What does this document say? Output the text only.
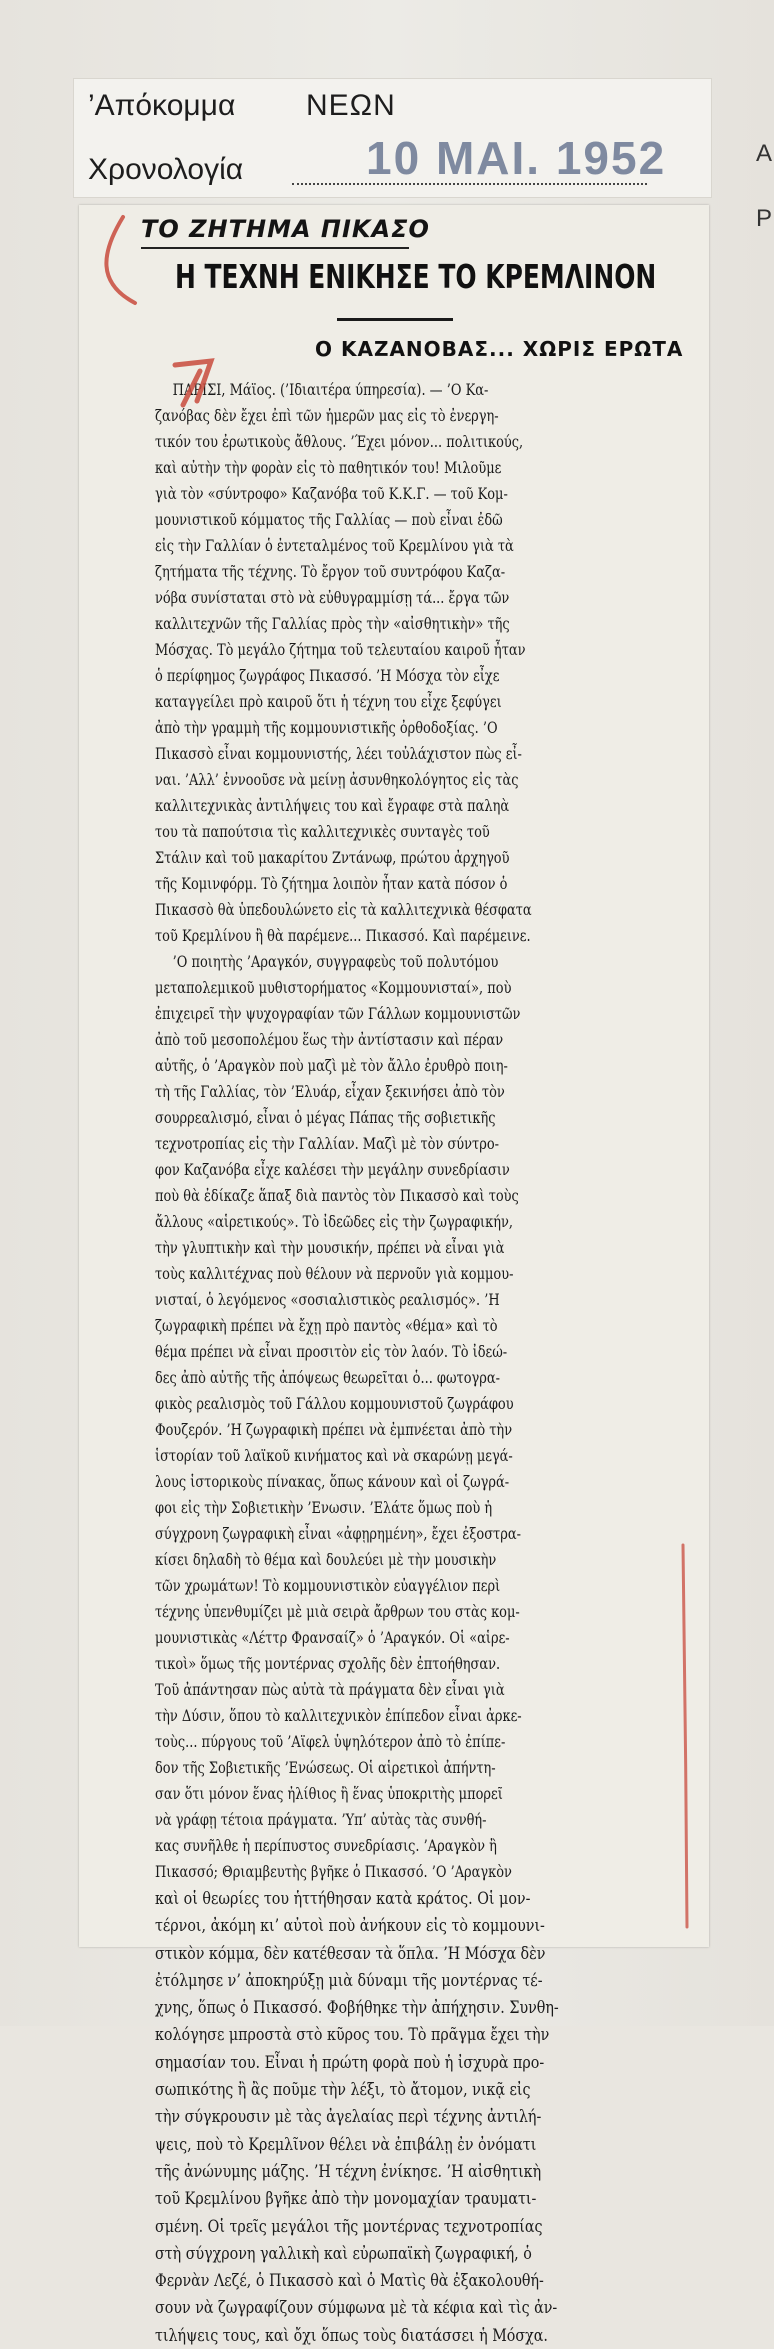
’Απόκομμα ΝΕΩΝ
Χρονολογία	10 ΜΑΙ. 1952	A
P
ΤΟ ΖΗΤΗΜΑ ΠΙΚΑΣΟ
Η ΤΕΧΝΗ ΕΝΙΚΗΣΕ ΤΟ ΚΡΕΜΛΙΝΟΝ
Ο ΚΑΖΑΝΟΒΑΣ... ΧΩΡΙΣ ΕΡΩΤΑ
ΠΑΡΙΣΙ, Μάϊος. (’Ιδιαιτέρα ύπηρεσία). — ’Ο Κα-
ζανόβας δὲν ἔχει ἐπὶ τῶν ἡμερῶν μας εἰς τὸ ἐνεργη-
τικόν του ἐρωτικοὺς ἄθλους. ’Έχει μόνον... πολιτικούς,
καὶ αὐτὴν τὴν φορὰν εἰς τὸ παθητικόν του! Μιλοῦμε
γιὰ τὸν «σύντροφο» Καζανόβα τοῦ Κ.Κ.Γ. — τοῦ Κομ-
μουνιστικοῦ κόμματος τῆς Γαλλίας — ποὺ εἶναι ἐδῶ
εἰς τὴν Γαλλίαν ὁ ἐντεταλμένος τοῦ Κρεμλίνου γιὰ τὰ
ζητήματα τῆς τέχνης. Τὸ ἔργον τοῦ συντρόφου Καζα-
νόβα συνίσταται στὸ νὰ εὐθυγραμμίσῃ τά... ἔργα τῶν
καλλιτεχνῶν τῆς Γαλλίας πρὸς τὴν «αἰσθητικὴν» τῆς
Μόσχας. Τὸ μεγάλο ζήτημα τοῦ τελευταίου καιροῦ ἦταν
ὁ περίφημος ζωγράφος Πικασσό. ’Η Μόσχα τὸν εἶχε
καταγγείλει πρὸ καιροῦ ὅτι ἡ τέχνη του εἶχε ξεφύγει
ἀπὸ τὴν γραμμὴ τῆς κομμουνιστικῆς ὀρθοδοξίας. ’Ο
Πικασσὸ εἶναι κομμουνιστής, λέει τοὐλάχιστον πὼς εἶ-
ναι. ’Αλλ’ ἐννοοῦσε νὰ μείνῃ ἀσυνθηκολόγητος εἰς τὰς
καλλιτεχνικὰς ἀντιλήψεις του καὶ ἔγραφε στὰ παληὰ
του τὰ παπούτσια τὶς καλλιτεχνικὲς συνταγὲς τοῦ
Στάλιν καὶ τοῦ μακαρίτου Ζντάνωφ, πρώτου ἀρχηγοῦ
τῆς Κομινφόρμ. Τὸ ζήτημα λοιπὸν ἦταν κατὰ πόσον ὁ
Πικασσὸ θὰ ὑπεδουλώνετο εἰς τὰ καλλιτεχνικὰ θέσφατα
τοῦ Κρεμλίνου ἢ θὰ παρέμενε... Πικασσό. Καὶ παρέμεινε.
’Ο ποιητὴς ’Αραγκόν, συγγραφεὺς τοῦ πολυτόμου
μεταπολεμικοῦ μυθιστορήματος «Κομμουνισταί», ποὺ
ἐπιχειρεῖ τὴν ψυχογραφίαν τῶν Γάλλων κομμουνιστῶν
ἀπὸ τοῦ μεσοπολέμου ἕως τὴν ἀντίστασιν καὶ πέραν
αὐτῆς, ὁ ’Αραγκὸν ποὺ μαζὶ μὲ τὸν ἄλλο ἐρυθρὸ ποιη-
τὴ τῆς Γαλλίας, τὸν ’Ελυάρ, εἶχαν ξεκινήσει ἀπὸ τὸν
σουρρεαλισμό, εἶναι ὁ μέγας Πάπας τῆς σοβιετικῆς
τεχνοτροπίας εἰς τὴν Γαλλίαν. Μαζὶ μὲ τὸν σύντρο-
φον Καζανόβα εἶχε καλέσει τὴν μεγάλην συνεδρίασιν
ποὺ θὰ ἐδίκαζε ἅπαξ διὰ παντὸς τὸν Πικασσὸ καὶ τοὺς
ἄλλους «αἱρετικούς». Τὸ ἰδεῶδες εἰς τὴν ζωγραφικήν,
τὴν γλυπτικὴν καὶ τὴν μουσικήν, πρέπει νὰ εἶναι γιὰ
τοὺς καλλιτέχνας ποὺ θέλουν νὰ περνοῦν γιὰ κομμου-
νισταί, ὁ λεγόμενος «σοσιαλιστικὸς ρεαλισμός». ’Η
ζωγραφικὴ πρέπει νὰ ἔχῃ πρὸ παντὸς «θέμα» καὶ τὸ
θέμα πρέπει νὰ εἶναι προσιτὸν εἰς τὸν λαόν. Τὸ ἰδεώ-
δες ἀπὸ αὐτῆς τῆς ἀπόψεως θεωρεῖται ὁ... φωτογρα-
φικὸς ρεαλισμὸς τοῦ Γάλλου κομμουνιστοῦ ζωγράφου
Φουζερόν. ’Η ζωγραφικὴ πρέπει νὰ ἐμπνέεται ἀπὸ τὴν
ἱστορίαν τοῦ λαϊκοῦ κινήματος καὶ νὰ σκαρώνῃ μεγά-
λους ἱστορικοὺς πίνακας, ὅπως κάνουν καὶ οἱ ζωγρά-
φοι εἰς τὴν Σοβιετικὴν ’Ενωσιν. ’Ελάτε ὅμως ποὺ ἡ
σύγχρονη ζωγραφικὴ εἶναι «ἀφῃρημένη», ἔχει ἐξοστρα-
κίσει δηλαδὴ τὸ θέμα καὶ δουλεύει μὲ τὴν μουσικὴν
τῶν χρωμάτων! Τὸ κομμουνιστικὸν εὐαγγέλιον περὶ
τέχνης ὑπενθυμίζει μὲ μιὰ σειρὰ ἄρθρων του στὰς κομ-
μουνιστικὰς «Λέττρ Φρανσαίζ» ὁ ’Αραγκόν. Οἱ «αἱρε-
τικοὶ» ὅμως τῆς μοντέρνας σχολῆς δὲν ἐπτοήθησαν.
Τοῦ ἀπάντησαν πὼς αὐτὰ τὰ πράγματα δὲν εἶναι γιὰ
τὴν Δύσιν, ὅπου τὸ καλλιτεχνικὸν ἐπίπεδον εἶναι ἀρκε-
τοὺς... πύργους τοῦ ’Αϊφελ ὑψηλότερον ἀπὸ τὸ ἐπίπε-
δον τῆς Σοβιετικῆς ’Ενώσεως. Οἱ αἱρετικοὶ ἀπήντη-
σαν ὅτι μόνον ἕνας ἠλίθιος ἢ ἕνας ὑποκριτὴς μπορεῖ
νὰ γράφῃ τέτοια πράγματα. ’Υπ’ αὐτὰς τὰς συνθή-
κας συνῆλθε ἡ περίπυστος συνεδρίασις. ’Αραγκὸν ἢ
Πικασσό; Θριαμβευτὴς βγῆκε ὁ Πικασσό. ’Ο ’Αραγκὸν
καὶ οἱ θεωρίες του ἡττήθησαν κατὰ κράτος. Οἱ μον-
τέρνοι, ἀκόμη κι’ αὐτοὶ ποὺ ἀνήκουν εἰς τὸ κομμουνι-
στικὸν κόμμα, δὲν κατέθεσαν τὰ ὅπλα. ’Η Μόσχα δὲν
ἐτόλμησε ν’ ἀποκηρύξῃ μιὰ δύναμι τῆς μοντέρνας τέ-
χνης, ὅπως ὁ Πικασσό. Φοβήθηκε τὴν ἀπήχησιν. Συνθη-
κολόγησε μπροστὰ στὸ κῦρος του. Τὸ πρᾶγμα ἔχει τὴν
σημασίαν του. Εἶναι ἡ πρώτη φορὰ ποὺ ἡ ἰσχυρὰ προ-
σωπικότης ἢ ἂς ποῦμε τὴν λέξι, τὸ ἄτομον, νικᾷ εἰς
τὴν σύγκρουσιν μὲ τὰς ἀγελαίας περὶ τέχνης ἀντιλή-
ψεις, ποὺ τὸ Κρεμλῖνον θέλει νὰ ἐπιβάλῃ ἐν ὀνόματι
τῆς ἀνώνυμης μάζης. ’Η τέχνη ἐνίκησε. ’Η αἰσθητικὴ
τοῦ Κρεμλίνου βγῆκε ἀπὸ τὴν μονομαχίαν τραυματι-
σμένη. Οἱ τρεῖς μεγάλοι τῆς μοντέρνας τεχνοτροπίας
στὴ σύγχρονη γαλλικὴ καὶ εὐρωπαϊκὴ ζωγραφική, ὁ
Φερνὰν Λεζέ, ὁ Πικασσὸ καὶ ὁ Ματὶς θὰ ἐξακολουθή-
σουν νὰ ζωγραφίζουν σύμφωνα μὲ τὰ κέφια καὶ τὶς ἀν-
τιλήψεις τους, καὶ ὄχι ὅπως τοὺς διατάσσει ἡ Μόσχα.
